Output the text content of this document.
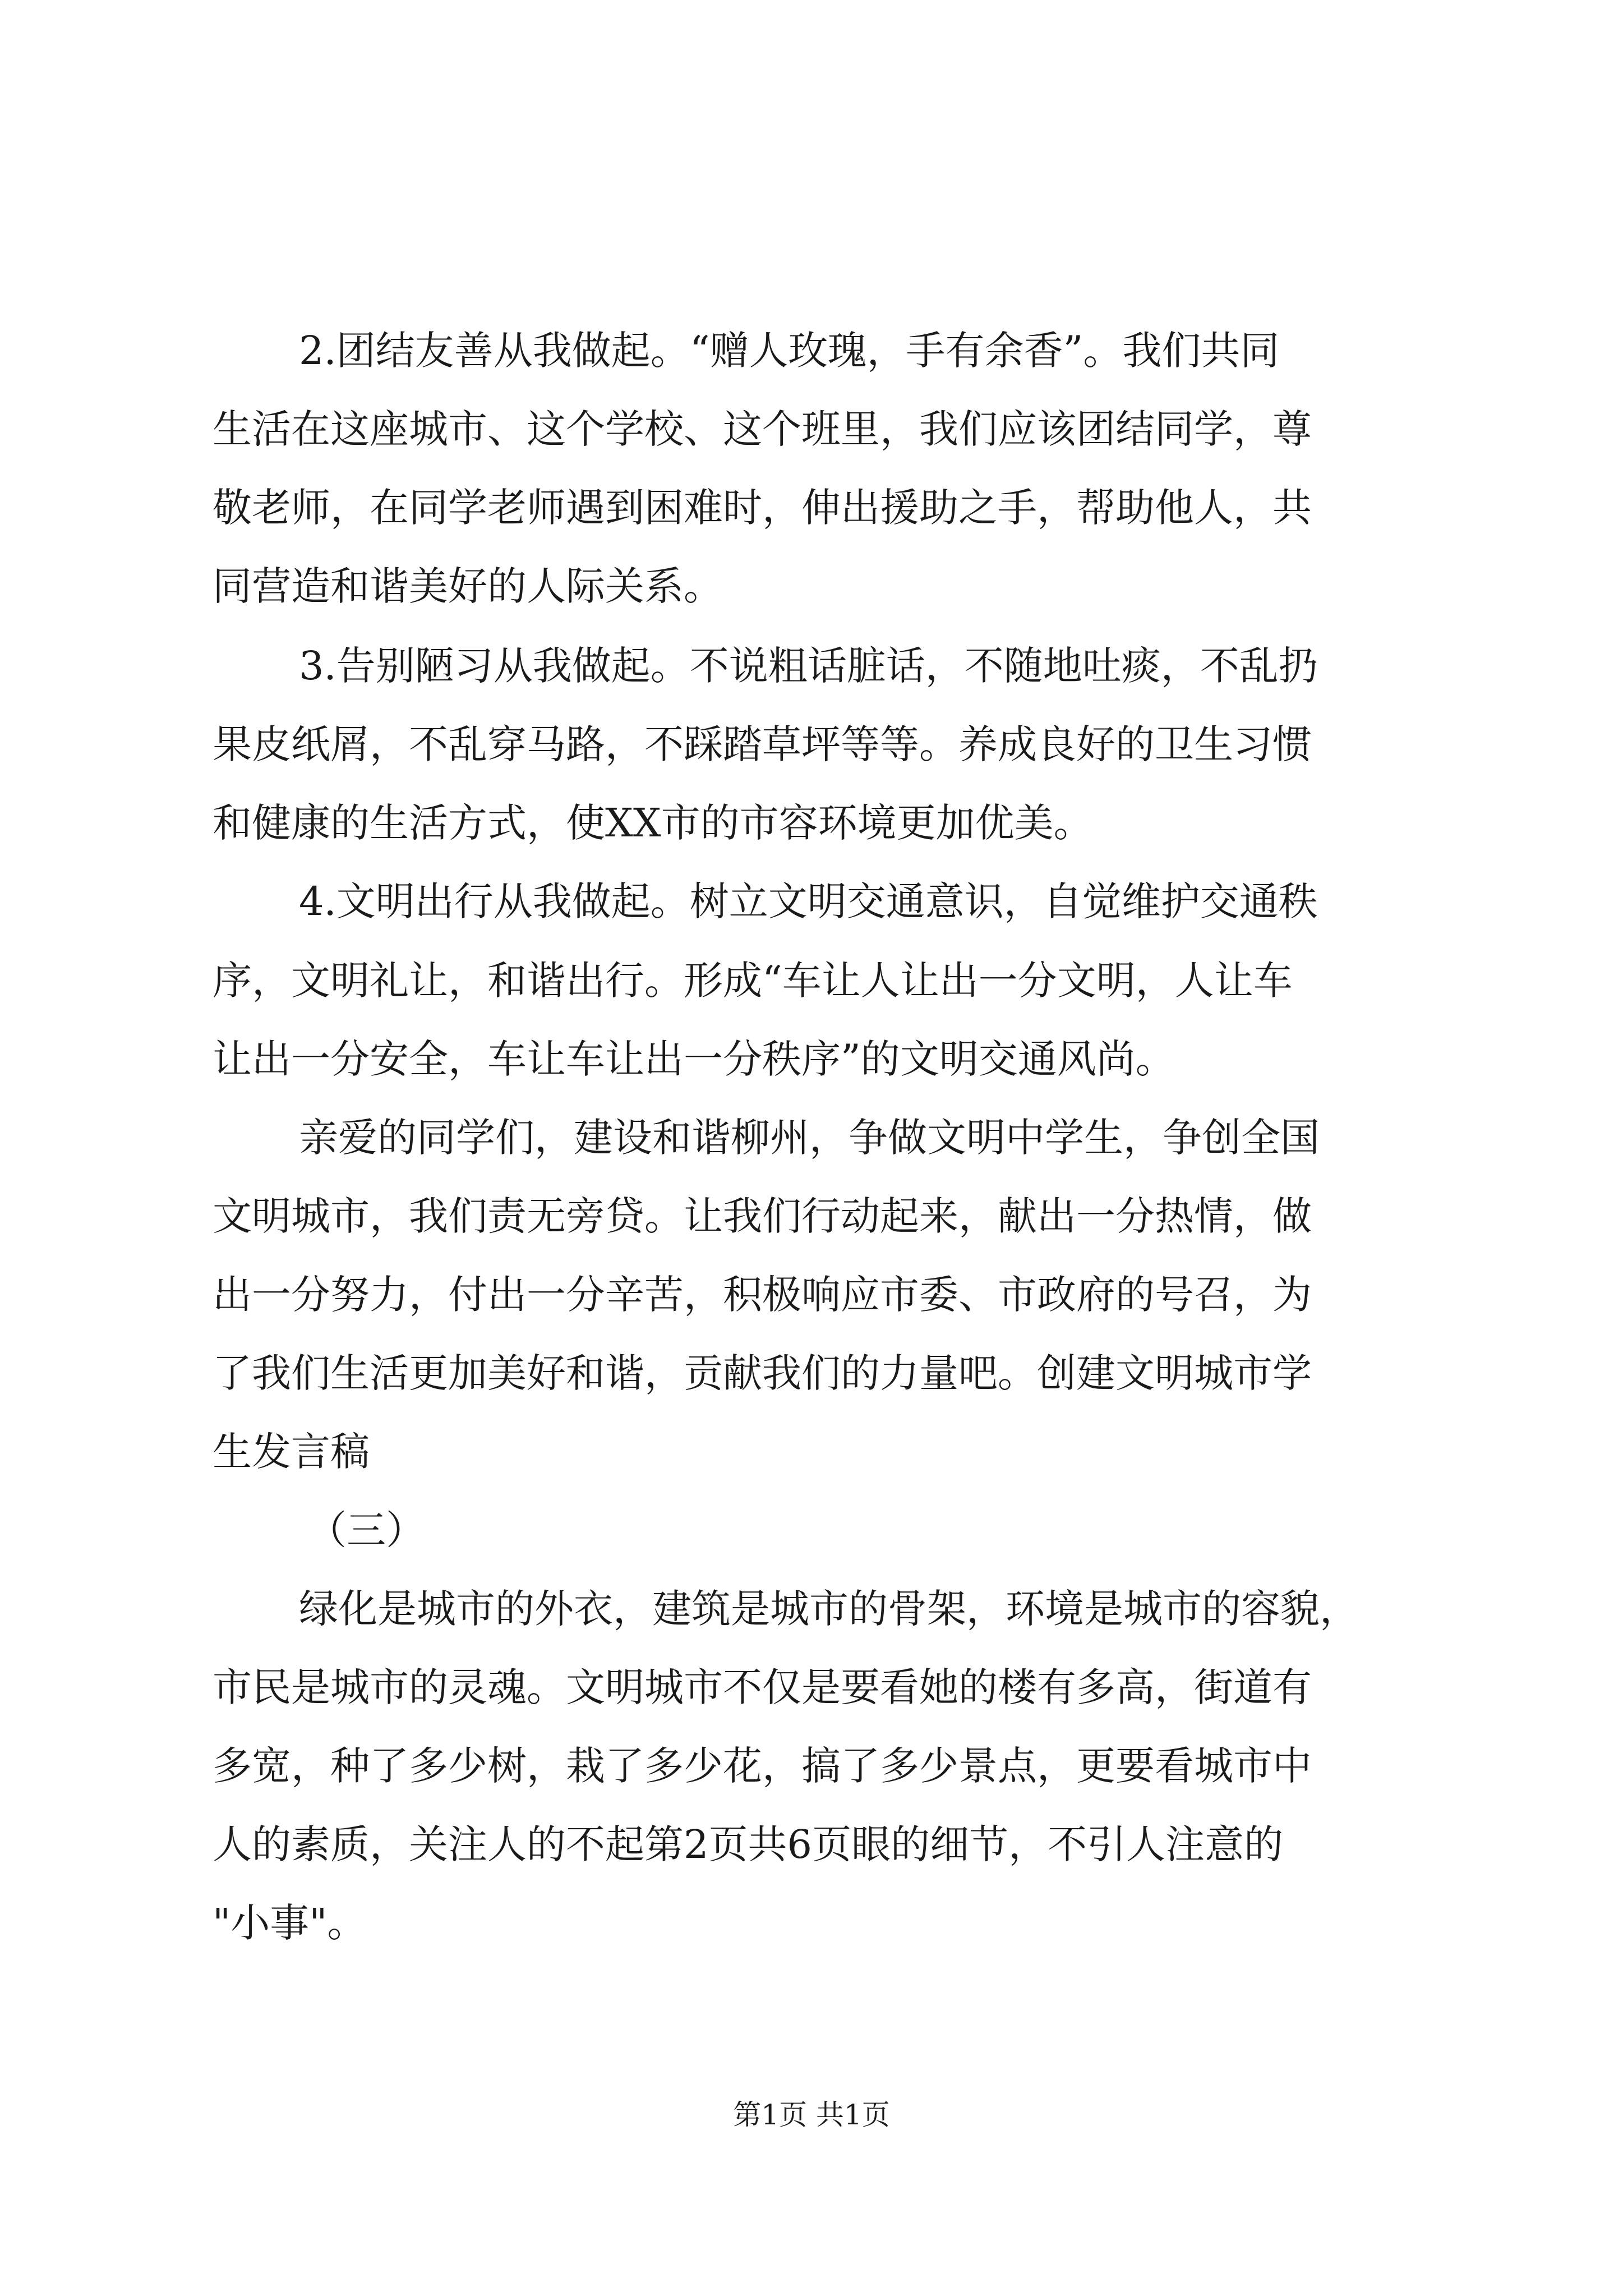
2.团结友善从我做起。“赠人玫瑰，手有余香”。我们共同
生活在这座城市、这个学校、这个班里，我们应该团结同学，尊
敬老师，在同学老师遇到困难时，伸出援助之手，帮助他人，共
同营造和谐美好的人际关系。
3.告别陋习从我做起。不说粗话脏话，不随地吐痰，不乱扔
果皮纸屑，不乱穿马路，不踩踏草坪等等。养成良好的卫生习惯
和健康的生活方式，使XX市的市容环境更加优美。
4.文明出行从我做起。树立文明交通意识，自觉维护交通秩
序，文明礼让，和谐出行。形成“车让人让出一分文明，人让车
让出一分安全，车让车让出一分秩序”的文明交通风尚。
亲爱的同学们，建设和谐柳州，争做文明中学生，争创全国
文明城市，我们责无旁贷。让我们行动起来，献出一分热情，做
出一分努力，付出一分辛苦，积极响应市委、市政府的号召，为
了我们生活更加美好和谐，贡献我们的力量吧。创建文明城市学
生发言稿
（三）
绿化是城市的外衣，建筑是城市的骨架，环境是城市的容貌，
市民是城市的灵魂。文明城市不仅是要看她的楼有多高，街道有
多宽，种了多少树，栽了多少花，搞了多少景点，更要看城市中
人的素质，关注人的不起第2页共6页眼的细节，不引人注意的
"小事"。
第1页 共1页
